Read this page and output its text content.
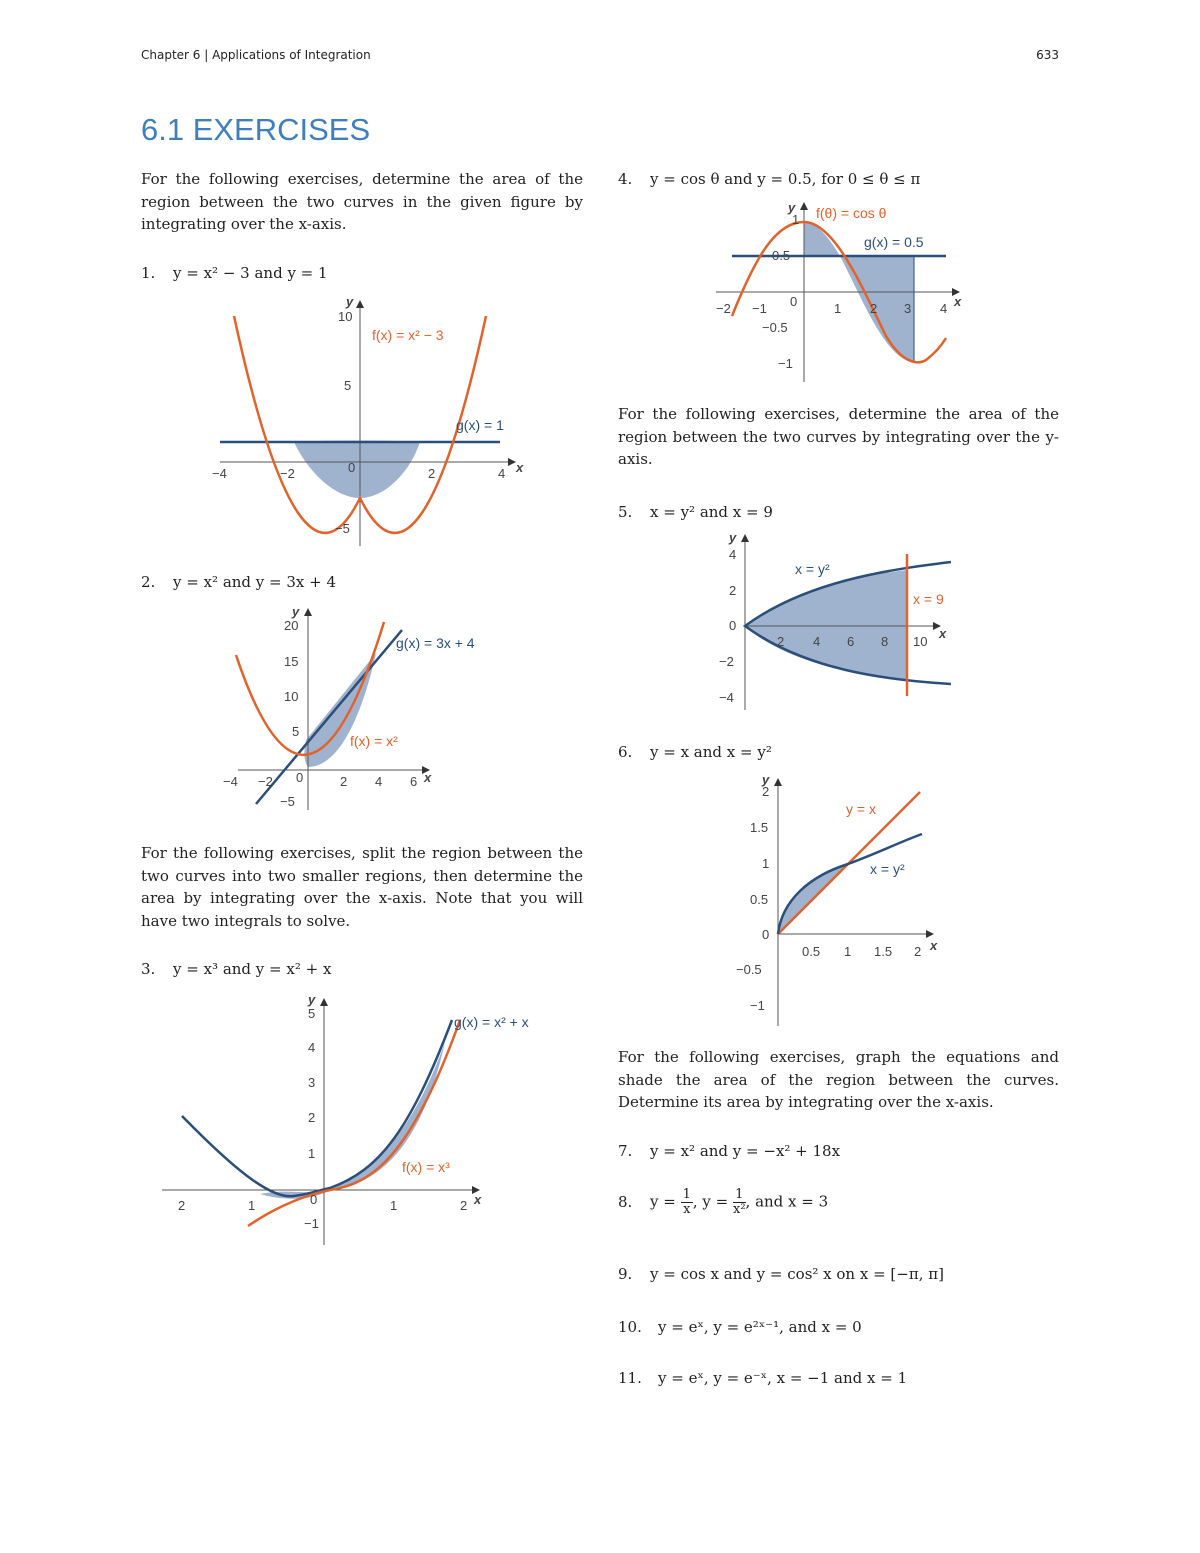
Chapter 6 | Applications of Integration	633
6.1 EXERCISES

For the following exercises, determine the area of the region between the two curves in the given figure by integrating over the x-axis.

1. y = x² − 3 and y = 1
−4	−2	0	2	4
10
5
−5
x
y
f(x) = x² − 3
g(x) = 1
2. y = x² and y = 3x + 4
−4 −2 0	2 4 6
20
15
10
5
−5
x
y
g(x) = 3x + 4
f(x) = x²

For the following exercises, split the region between the two curves into two smaller regions, then determine the area by integrating over the x-axis. Note that you will have two integrals to solve.

3. y = x³ and y = x² + x
2	1	0	1	2
5
4
3
2
1
−1
x
y
g(x) = x² + x
f(x) = x³
4. y = cos θ and y = 0.5, for 0 ≤ θ ≤ π
−2 −1 0	1 2 3 4
1
0.5
−0.5
−1
x
y f(θ) = cos θ
g(x) = 0.5

For the following exercises, determine the area of the region between the two curves by integrating over the y-axis.

5. x = y² and x = 9
2 4 6 8 10
4
2
0
−2
−4
x
y
x = y²
x = 9
6. y = x and x = y²
0.5 1 1.5 2
2
1.5
1
0.5
0
−0.5
−1
x
y
y = x
x = y²

For the following exercises, graph the equations and shade the area of the region between the curves. Determine its area by integrating over the x-axis.

7. y = x² and y = −x² + 18x
8. $y = \frac{1}{x}$ , $y = \frac{1}{\text{x²}}$ , and x = 3
9. y = cos x and y = cos² x on x = [−π, π]
10. y = eˣ, y = e²ˣ⁻¹, and x = 0
11. y = eˣ, y = e⁻ˣ, x = −1 and x = 1
